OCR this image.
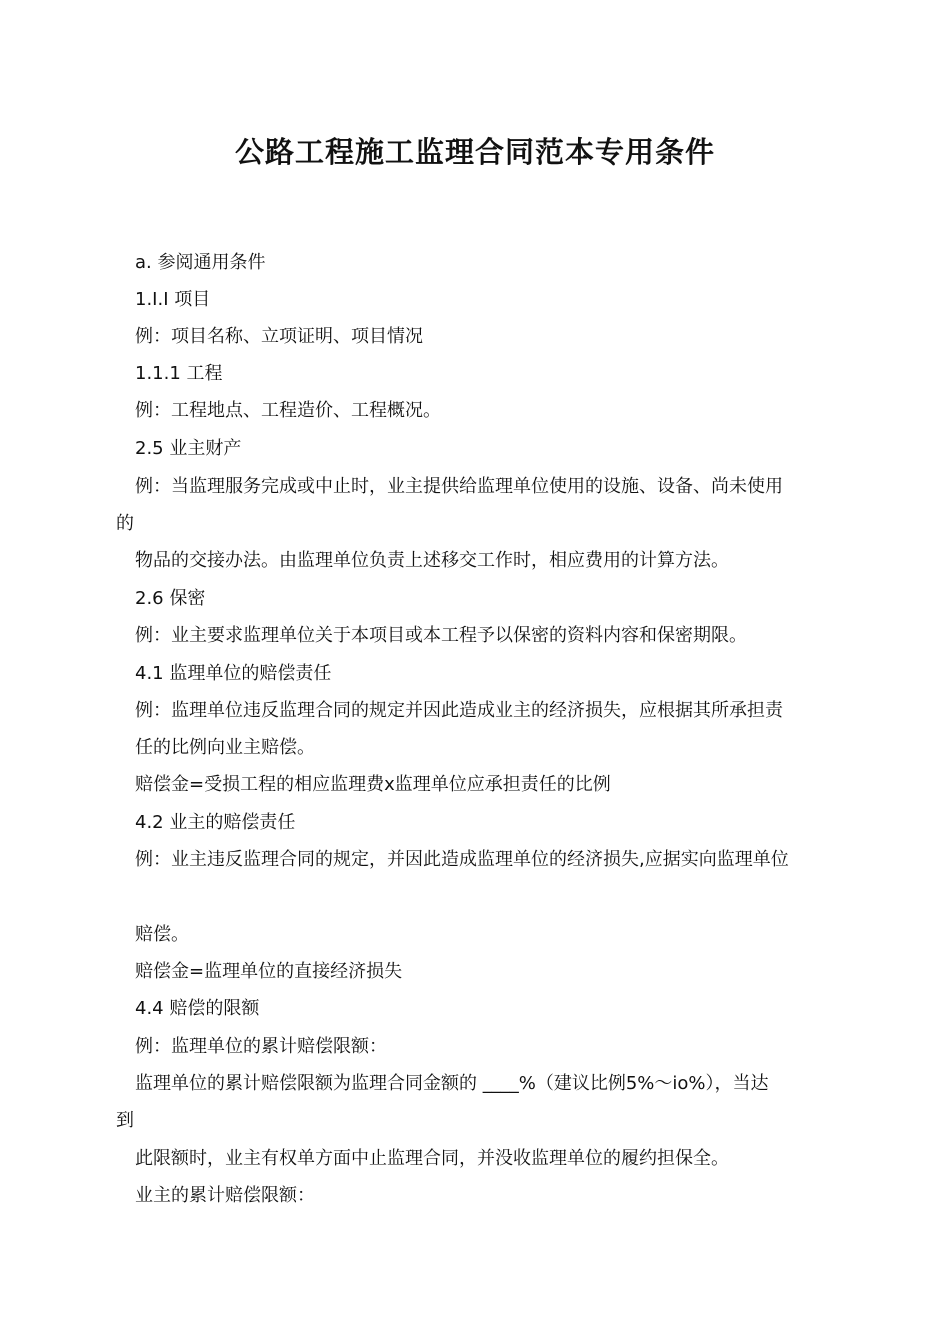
公路工程施工监理合同范本专用条件
a. 参阅通用条件
1.I.I 项目
例：项目名称、立项证明、项目情况
1.1.1 工程
例：工程地点、工程造价、工程概况。
2.5 业主财产
例：当监理服务完成或中止时，业主提供给监理单位使用的设施、设备、尚未使用
的
物品的交接办法。由监理单位负责上述移交工作时，相应费用的计算方法。
2.6 保密
例：业主要求监理单位关于本项目或本工程予以保密的资料内容和保密期限。
4.1 监理单位的赔偿责任
例：监理单位违反监理合同的规定并因此造成业主的经济损失，应根据其所承担责
任的比例向业主赔偿。
赔偿金=受损工程的相应监理费x监理单位应承担责任的比例
4.2 业主的赔偿责任
例：业主违反监理合同的规定，并因此造成监理单位的经济损失,应据实向监理单位
赔偿。
赔偿金=监理单位的直接经济损失
4.4 赔偿的限额
例：监理单位的累计赔偿限额：
监理单位的累计赔偿限额为监理合同金额的 ____%（建议比例5%～io%），当达
到
此限额时，业主有权单方面中止监理合同，并没收监理单位的履约担保全。
业主的累计赔偿限额：
